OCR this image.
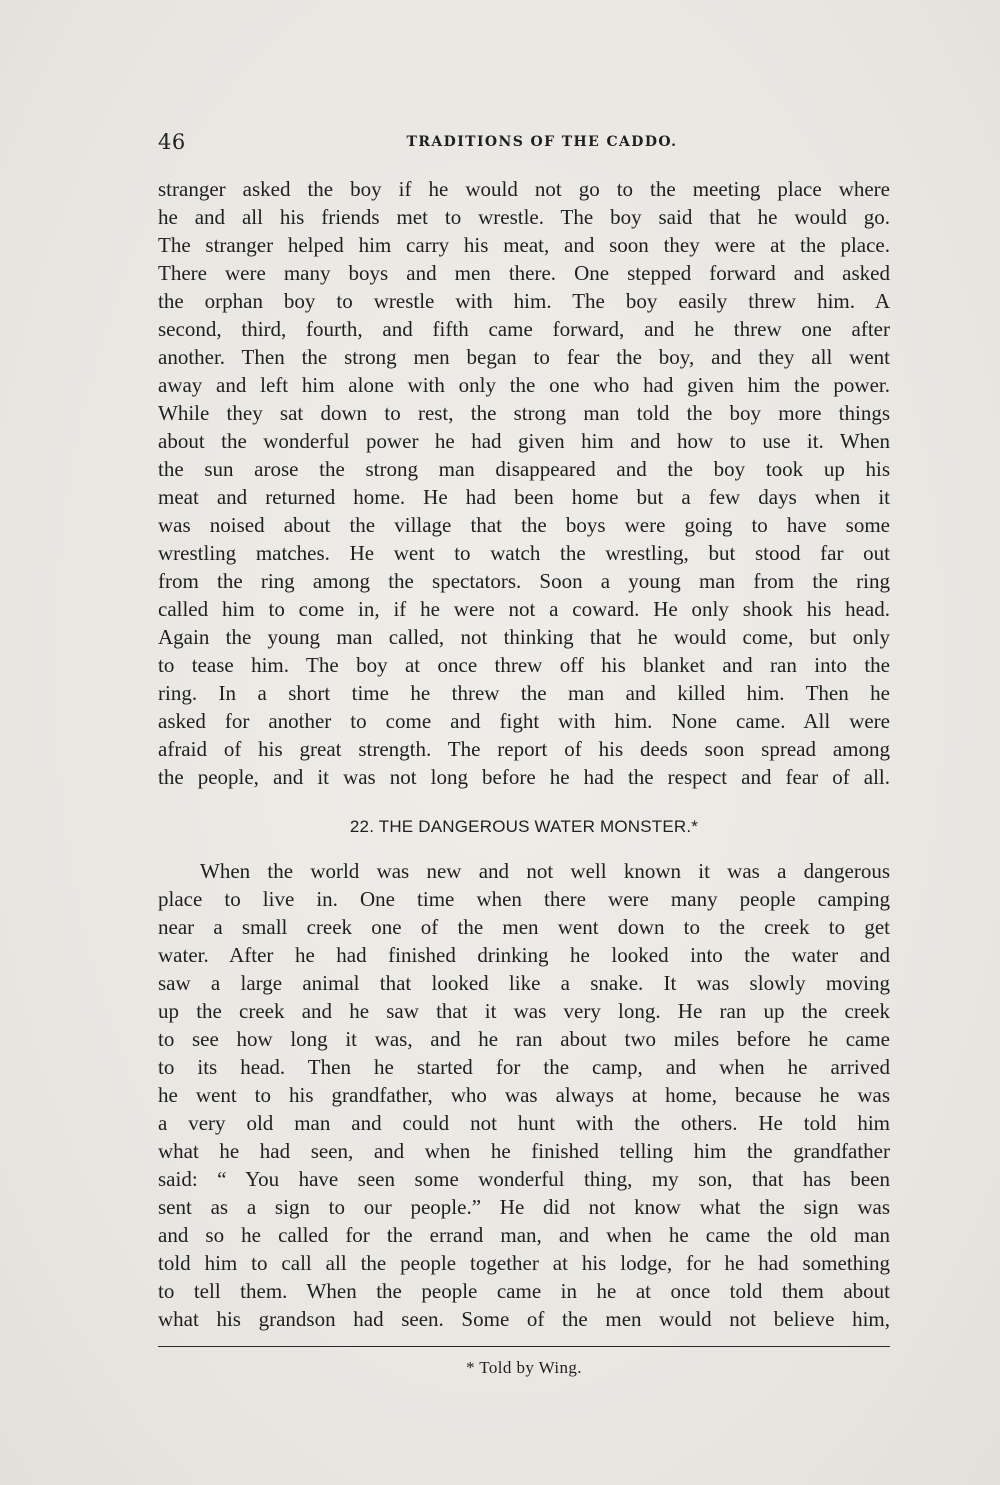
46	TRADITIONS OF THE CADDO.
stranger asked the boy if he would not go to the meeting place where
he and all his friends met to wrestle. The boy said that he would go.
The stranger helped him carry his meat, and soon they were at the place.
There were many boys and men there. One stepped forward and asked
the orphan boy to wrestle with him. The boy easily threw him. A
second, third, fourth, and fifth came forward, and he threw one after
another. Then the strong men began to fear the boy, and they all went
away and left him alone with only the one who had given him the power.
While they sat down to rest, the strong man told the boy more things
about the wonderful power he had given him and how to use it. When
the sun arose the strong man disappeared and the boy took up his
meat and returned home. He had been home but a few days when it
was noised about the village that the boys were going to have some
wrestling matches. He went to watch the wrestling, but stood far out
from the ring among the spectators. Soon a young man from the ring
called him to come in, if he were not a coward. He only shook his head.
Again the young man called, not thinking that he would come, but only
to tease him. The boy at once threw off his blanket and ran into the
ring. In a short time he threw the man and killed him. Then he
asked for another to come and fight with him. None came. All were
afraid of his great strength. The report of his deeds soon spread among
the people, and it was not long before he had the respect and fear of all.
22. THE DANGEROUS WATER MONSTER.*
When the world was new and not well known it was a dangerous
place to live in. One time when there were many people camping
near a small creek one of the men went down to the creek to get
water. After he had finished drinking he looked into the water and
saw a large animal that looked like a snake. It was slowly moving
up the creek and he saw that it was very long. He ran up the creek
to see how long it was, and he ran about two miles before he came
to its head. Then he started for the camp, and when he arrived
he went to his grandfather, who was always at home, because he was
a very old man and could not hunt with the others. He told him
what he had seen, and when he finished telling him the grandfather
said: “ You have seen some wonderful thing, my son, that has been
sent as a sign to our people.” He did not know what the sign was
and so he called for the errand man, and when he came the old man
told him to call all the people together at his lodge, for he had something
to tell them. When the people came in he at once told them about
what his grandson had seen. Some of the men would not believe him,
* Told by Wing.
